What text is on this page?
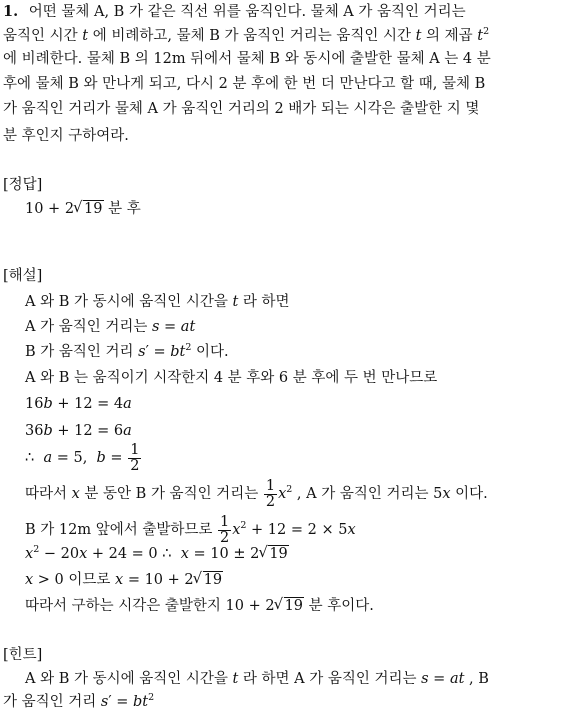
1. 어떤 물체 A, B 가 같은 직선 위를 움직인다. 물체 A 가 움직인 거리는
움직인 시간 t 에 비례하고, 물체 B 가 움직인 거리는 움직인 시간 t 의 제곱 $t^2$
에 비례한다. 물체 B 의 12m 뒤에서 물체 B 와 동시에 출발한 물체 A 는 4 분
후에 물체 B 와 만나게 되고, 다시 2 분 후에 한 번 더 만난다고 할 때, 물체 B
가 움직인 거리가 물체 A 가 움직인 거리의 2 배가 되는 시각은 출발한 지 몇
분 후인지 구하여라.
[정답]
10 + 2 √ 19 분 후
[해설]
A 와 B 가 동시에 움직인 시간을 t 라 하면
A 가 움직인 거리는 s = at
B 가 움직인 거리 $s' = bt^2$ 이다.
A 와 B 는 움직이기 시작한지 4 분 후와 6 분 후에 두 번 만나므로
16b + 12 = 4a
36b + 12 = 6a
∴  a = 5,  $b = \frac{1}{2}$
따라서 x 분 동안 B 가 움직인 거리는 $\frac{1}{2} x^2$ , A 가 움직인 거리는 5x 이다.
B 가 12m 앞에서 출발하므로 $\frac{1}{2} x^2 + 12 = 2 \times 5x$
$x^2 - 20x + 24 = 0$ ∴  x = 10 ± 2 √ 19
x > 0 이므로 x = 10 + 2 √ 19
따라서 구하는 시각은 출발한지 10 + 2 √ 19 분 후이다.
[힌트]
A 와 B 가 동시에 움직인 시간을 t 라 하면 A 가 움직인 거리는 s = at , B
가 움직인 거리 $s' = bt^2$
